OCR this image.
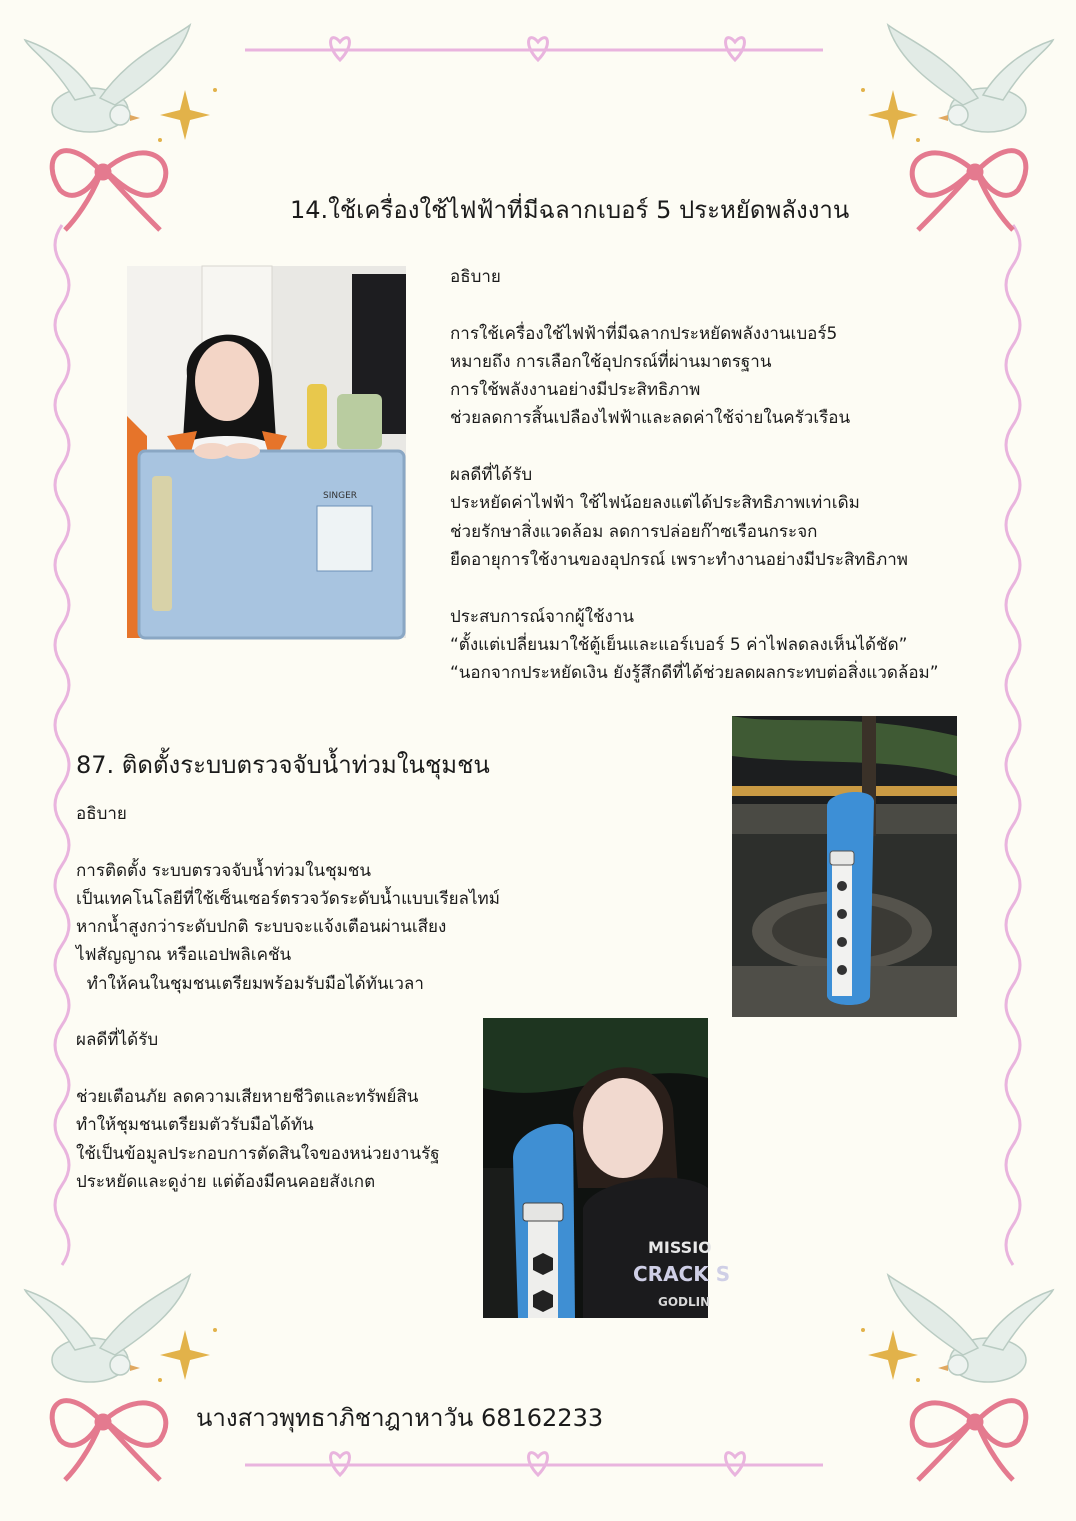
14.ใช้เครื่องใช้ไฟฟ้าที่มีฉลากเบอร์ 5 ประหยัดพลังงาน
SINGER
อธิบาย
การใช้เครื่องใช้ไฟฟ้าที่มีฉลากประหยัดพลังงานเบอร์5
หมายถึง การเลือกใช้อุปกรณ์ที่ผ่านมาตรฐาน
การใช้พลังงานอย่างมีประสิทธิภาพ
ช่วยลดการสิ้นเปลืองไฟฟ้าและลดค่าใช้จ่ายในครัวเรือน
ผลดีที่ได้รับ
ประหยัดค่าไฟฟ้า ใช้ไฟน้อยลงแต่ได้ประสิทธิภาพเท่าเดิม
ช่วยรักษาสิ่งแวดล้อม ลดการปล่อยก๊าซเรือนกระจก
ยืดอายุการใช้งานของอุปกรณ์ เพราะทำงานอย่างมีประสิทธิภาพ
ประสบการณ์จากผู้ใช้งาน
“ตั้งแต่เปลี่ยนมาใช้ตู้เย็นและแอร์เบอร์ 5 ค่าไฟลดลงเห็นได้ชัด”
“นอกจากประหยัดเงิน ยังรู้สึกดีที่ได้ช่วยลดผลกระทบต่อสิ่งแวดล้อม”
87. ติดตั้งระบบตรวจจับน้ำท่วมในชุมชน
อธิบาย
การติดตั้ง ระบบตรวจจับน้ำท่วมในชุมชน
เป็นเทคโนโลยีที่ใช้เซ็นเซอร์ตรวจวัดระดับน้ำแบบเรียลไทม์
หากน้ำสูงกว่าระดับปกติ ระบบจะแจ้งเตือนผ่านเสียง
ไฟสัญญาณ หรือแอปพลิเคชัน
ทำให้คนในชุมชนเตรียมพร้อมรับมือได้ทันเวลา
ผลดีที่ได้รับ
ช่วยเตือนภัย ลดความเสียหายชีวิตและทรัพย์สิน
ทำให้ชุมชนเตรียมตัวรับมือได้ทัน
ใช้เป็นข้อมูลประกอบการตัดสินใจของหน่วยงานรัฐ
ประหยัดและดูง่าย แต่ต้องมีคนคอยสังเกต
MISSIO
CRACK S
GODLIN
นางสาวพุทธาภิชาฎาหาวัน 68162233
